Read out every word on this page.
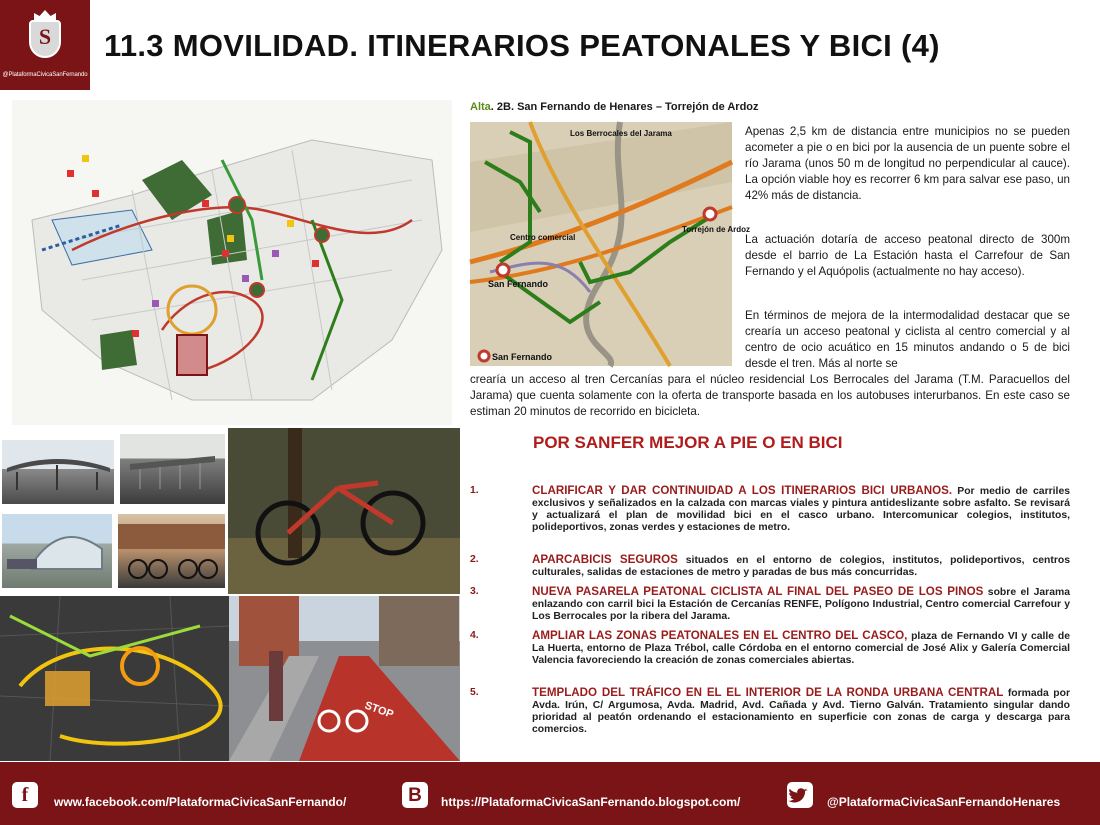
S
@PlataformaCivicaSanFernando
11.3 MOVILIDAD. ITINERARIOS PEATONALES Y BICI (4)
Alta. 2B. San Fernando de Henares – Torrejón de Ardoz
Los Berrocales del Jarama
Torrejón de Ardoz
Centro comercial
San Fernando
San Fernando
Apenas 2,5 km de distancia entre municipios no se pueden acometer a pie o en bici por la ausencia de un puente sobre el río Jarama (unos 50 m de longitud no perpendicular al cauce). La opción viable hoy es recorrer 6 km para salvar ese paso, un 42% más de distancia.
La actuación dotaría de acceso peatonal directo de 300m desde el barrio de La Estación hasta el Carrefour de San Fernando y el Aquópolis (actualmente no hay acceso).
En términos de mejora de la intermodalidad destacar que se crearía un acceso peatonal y ciclista al centro comercial y al centro de ocio acuático en 15 minutos andando o 5 de bici desde el tren. Más al norte se
crearía un acceso al tren Cercanías para el núcleo residencial Los Berrocales del Jarama (T.M. Paracuellos del Jarama) que cuenta solamente con la oferta de transporte basada en los autobuses interurbanos. En este caso se estiman 20 minutos de recorrido en bicicleta.
POR SANFER MEJOR A PIE O EN BICI
1.	CLARIFICAR Y DAR CONTINUIDAD A LOS ITINERARIOS BICI URBANOS. Por medio de carriles exclusivos y señalizados en la calzada con marcas viales y pintura antideslizante sobre asfalto. Se revisará y actualizará el plan de movilidad bici en el casco urbano. Intercomunicar colegios, institutos, polideportivos, zonas verdes y estaciones de metro.
2.	APARCABICIS SEGUROS situados en el entorno de colegios, institutos, polideportivos, centros culturales, salidas de estaciones de metro y paradas de bus más concurridas.
3.	NUEVA PASARELA PEATONAL CICLISTA AL FINAL DEL PASEO DE LOS PINOS sobre el Jarama enlazando con carril bici la Estación de Cercanías RENFE, Polígono Industrial, Centro comercial Carrefour y Los Berrocales por la ribera del Jarama.
4.	AMPLIAR LAS ZONAS PEATONALES EN EL CENTRO DEL CASCO, plaza de Fernando VI y calle de La Huerta, entorno de Plaza Trébol, calle Córdoba en el entorno comercial de José Alix y Galería Comercial Valencia favoreciendo la creación de zonas comerciales abiertas.
5.	TEMPLADO DEL TRÁFICO EN EL EL INTERIOR DE LA RONDA URBANA CENTRAL formada por Avda. Irún, C/ Argumosa, Avda. Madrid, Avd. Cañada y Avd. Tierno Galván. Tratamiento singular dando prioridad al peatón ordenando el estacionamiento en superficie con zonas de carga y descarga para comercios.
STOP
f	www.facebook.com/PlataformaCivicaSanFernando/	B	https://PlataformaCivicaSanFernando.blogspot.com/	@PlataformaCivicaSanFernandoHenares
